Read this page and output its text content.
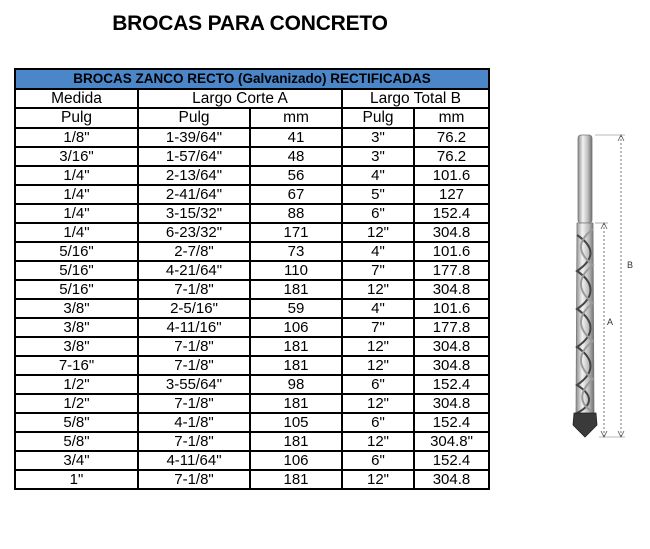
BROCAS PARA CONCRETO
BROCAS ZANCO RECTO (Galvanizado) RECTIFICADAS				
Medida	Largo Corte A		Largo Total B	
Pulg	Pulg	mm	Pulg	mm
1/8"	1-39/64"	41	3"	76.2
3/16"	1-57/64"	48	3"	76.2
1/4"	2-13/64"	56	4"	101.6
1/4"	2-41/64"	67	5"	127
1/4"	3-15/32"	88	6"	152.4
1/4"	6-23/32"	171	12"	304.8
5/16"	2-7/8"	73	4"	101.6
5/16"	4-21/64"	110	7"	177.8
5/16"	7-1/8"	181	12"	304.8
3/8"	2-5/16"	59	4"	101.6
3/8"	4-11/16"	106	7"	177.8
3/8"	7-1/8"	181	12"	304.8
7-16"	7-1/8"	181	12"	304.8
1/2"	3-55/64"	98	6"	152.4
1/2"	7-1/8"	181	12"	304.8
5/8"	4-1/8"	105	6"	152.4
5/8"	7-1/8"	181	12"	304.8"
3/4"	4-11/64"	106	6"	152.4
1"	7-1/8"	181	12"	304.8
B
A
